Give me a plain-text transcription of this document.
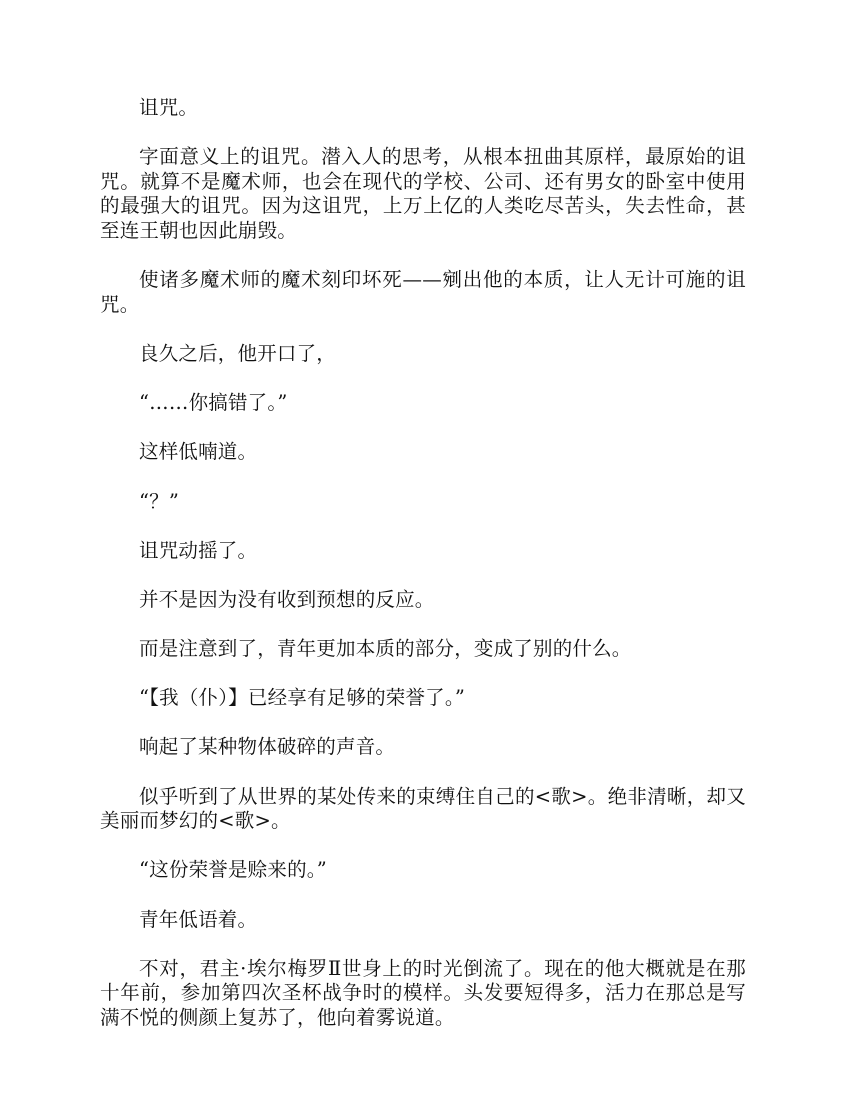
诅咒。

字面意义上的诅咒。潜入人的思考，从根本扭曲其原样，最原始的诅咒。就算不是魔术师，也会在现代的学校、公司、还有男女的卧室中使用的最强大的诅咒。因为这诅咒，上万上亿的人类吃尽苦头，失去性命，甚至连王朝也因此崩毁。

使诸多魔术师的魔术刻印坏死——剜出他的本质，让人无计可施的诅咒。

良久之后，他开口了，

“……你搞错了。”

这样低喃道。

“？”

诅咒动摇了。

并不是因为没有收到预想的反应。

而是注意到了，青年更加本质的部分，变成了别的什么。

“【我（仆）】已经享有足够的荣誉了。”

响起了某种物体破碎的声音。

似乎听到了从世界的某处传来的束缚住自己的<歌>。绝非清晰，却又美丽而梦幻的<歌>。

“这份荣誉是赊来的。”

青年低语着。

不对，君主·埃尔梅罗Ⅱ世身上的时光倒流了。现在的他大概就是在那十年前，参加第四次圣杯战争时的模样。头发要短得多，活力在那总是写满不悦的侧颜上复苏了，他向着雾说道。
